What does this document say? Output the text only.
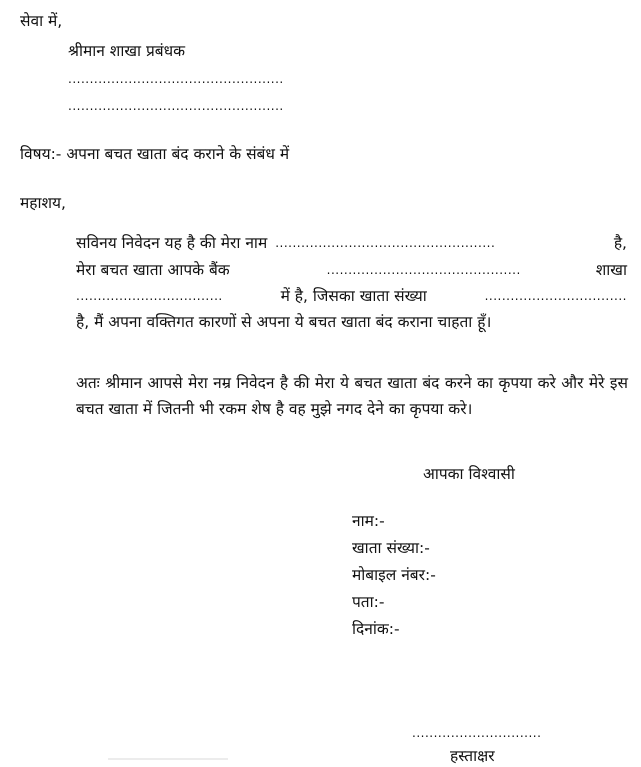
सेवा में,
श्रीमान शाखा प्रबंधक
..................................................
..................................................
विषय:- अपना बचत खाता बंद कराने के संबंध में
महाशय,
सविनय निवेदन यह है की मेरा नाम ...................................................	है,
मेरा बचत खाता आपके बैंक	.............................................	शाखा
..................................	में है, जिसका खाता संख्या	.................................
है, मैं अपना वक्तिगत कारणों से अपना ये बचत खाता बंद कराना चाहता हूँ।
अतः श्रीमान आपसे मेरा नम्र निवेदन है की मेरा ये बचत खाता बंद करने का कृपया करे और मेरे इस बचत खाता में जितनी भी रकम शेष है वह मुझे नगद देने का कृपया करे।
आपका विश्वासी
नाम:-
खाता संख्या:-
मोबाइल नंबर:-
पता:-
दिनांक:-
..............................
हस्ताक्षर
